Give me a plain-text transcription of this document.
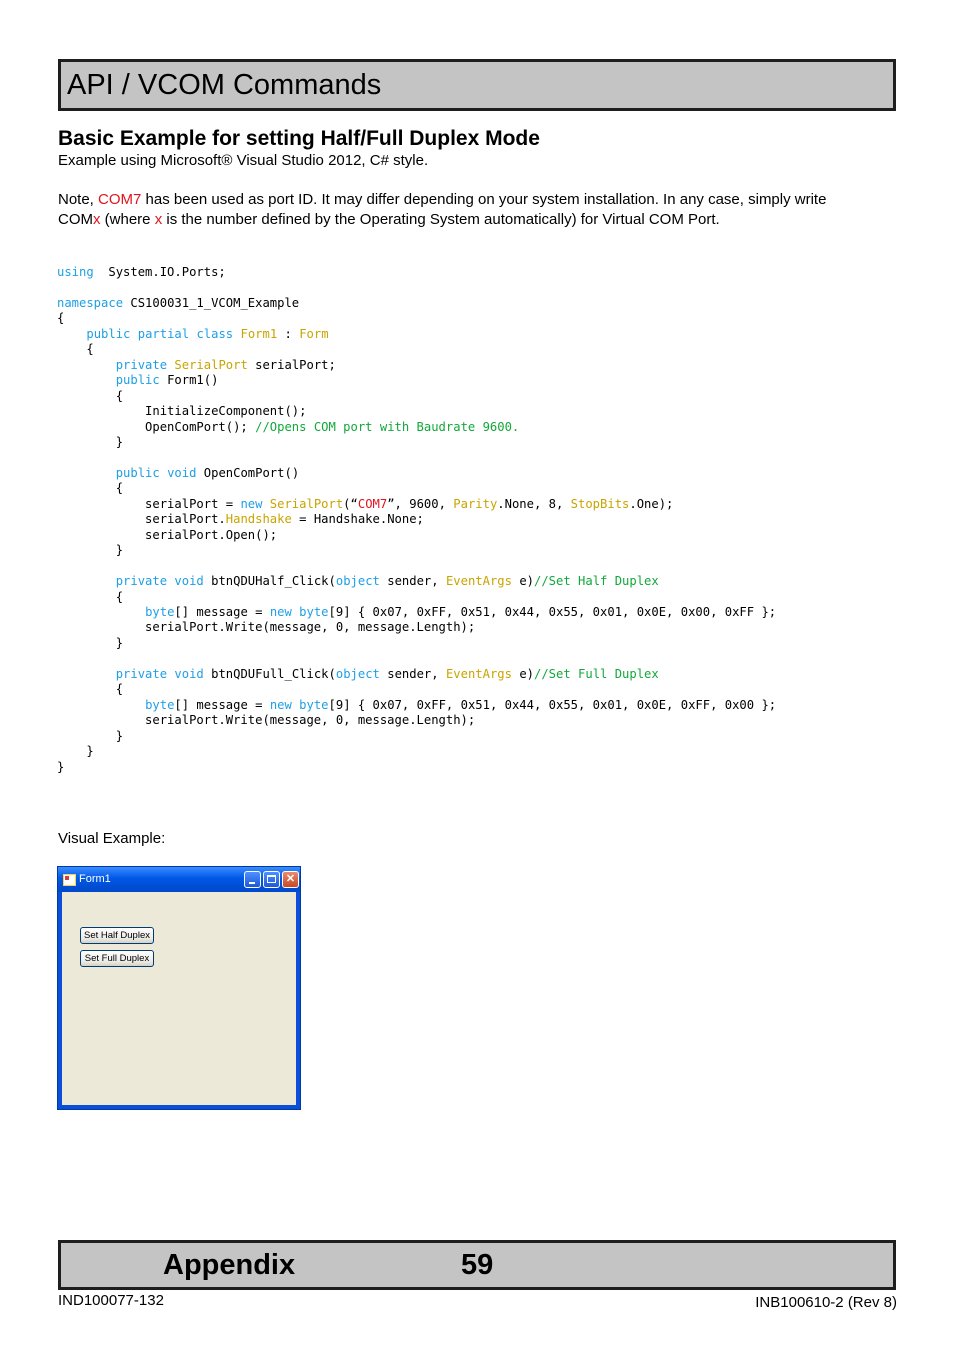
API / VCOM Commands
Basic Example for setting Half/Full Duplex Mode
Example using Microsoft® Visual Studio 2012, C# style.
Note, COM7 has been used as port ID. It may differ depending on your system installation. In any case, simply write
COMx (where x is the number defined by the Operating System automatically) for Virtual COM Port.
using  System.IO.Ports;

namespace CS100031_1_VCOM_Example
{
public partial class Form1 : Form
{
private SerialPort serialPort;
public Form1()
{
InitializeComponent();
OpenComPort(); //Opens COM port with Baudrate 9600.
}

public void OpenComPort()
{
serialPort = new SerialPort(“COM7”, 9600, Parity.None, 8, StopBits.One);
serialPort.Handshake = Handshake.None;
serialPort.Open();
}

private void btnQDUHalf_Click(object sender, EventArgs e)//Set Half Duplex
{
byte[] message = new byte[9] { 0x07, 0xFF, 0x51, 0x44, 0x55, 0x01, 0x0E, 0x00, 0xFF };
serialPort.Write(message, 0, message.Length);
}

private void btnQDUFull_Click(object sender, EventArgs e)//Set Full Duplex
{
byte[] message = new byte[9] { 0x07, 0xFF, 0x51, 0x44, 0x55, 0x01, 0x0E, 0xFF, 0x00 };
serialPort.Write(message, 0, message.Length);
}
}
}
Visual Example:
Form1	✕
Set Half Duplex
Set Full Duplex
Appendix	59
IND100077-132	INB100610-2 (Rev 8)
